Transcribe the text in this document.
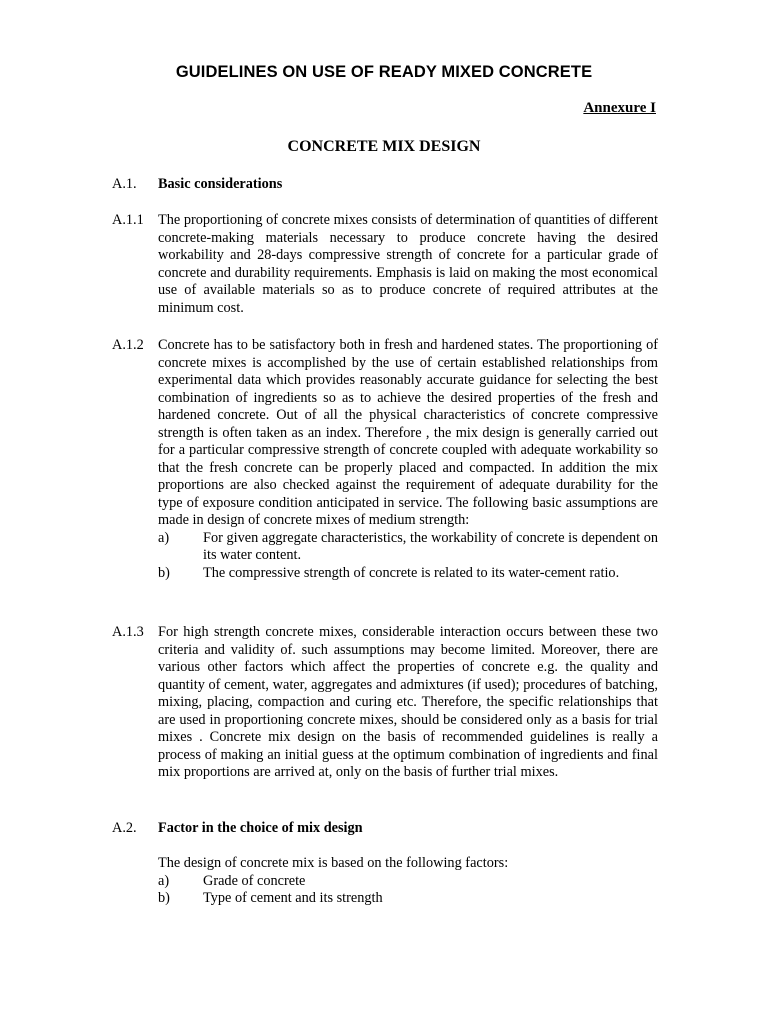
GUIDELINES ON USE OF READY MIXED CONCRETE
Annexure I
CONCRETE MIX DESIGN
A.1. Basic considerations
A.1.1 The proportioning of concrete mixes consists of determination of quantities of different concrete-making materials necessary to produce concrete having the desired workability and 28-days compressive strength of concrete for a particular grade of concrete and durability requirements. Emphasis is laid on making the most economical use of available materials so as to produce concrete of required attributes at the minimum cost.
A.1.2 Concrete has to be satisfactory both in fresh and hardened states. The proportioning of concrete mixes is accomplished by the use of certain established relationships from experimental data which provides reasonably accurate guidance for selecting the best combination of ingredients so as to achieve the desired properties of the fresh and hardened concrete. Out of all the physical characteristics of concrete compressive strength is often taken as an index. Therefore , the mix design is generally carried out for a particular compressive strength of concrete coupled with adequate workability so that the fresh concrete can be properly placed and compacted. In addition the mix proportions are also checked against the requirement of adequate durability for the type of exposure condition anticipated in service. The following basic assumptions are made in design of concrete mixes of medium strength:
a) For given aggregate characteristics, the workability of concrete is dependent on its water content.
b) The compressive strength of concrete is related to its water-cement ratio.
A.1.3 For high strength concrete mixes, considerable interaction occurs between these two criteria and validity of. such assumptions may become limited. Moreover, there are various other factors which affect the properties of concrete e.g. the quality and quantity of cement, water, aggregates and admixtures (if used); procedures of batching, mixing, placing, compaction and curing etc. Therefore, the specific relationships that are used in proportioning concrete mixes, should be considered only as a basis for trial mixes . Concrete mix design on the basis of recommended guidelines is really a process of making an initial guess at the optimum combination of ingredients and final mix proportions are arrived at, only on the basis of further trial mixes.
A.2. Factor in the choice of mix design
The design of concrete mix is based on the following factors:
a) Grade of concrete
b) Type of cement and its strength
